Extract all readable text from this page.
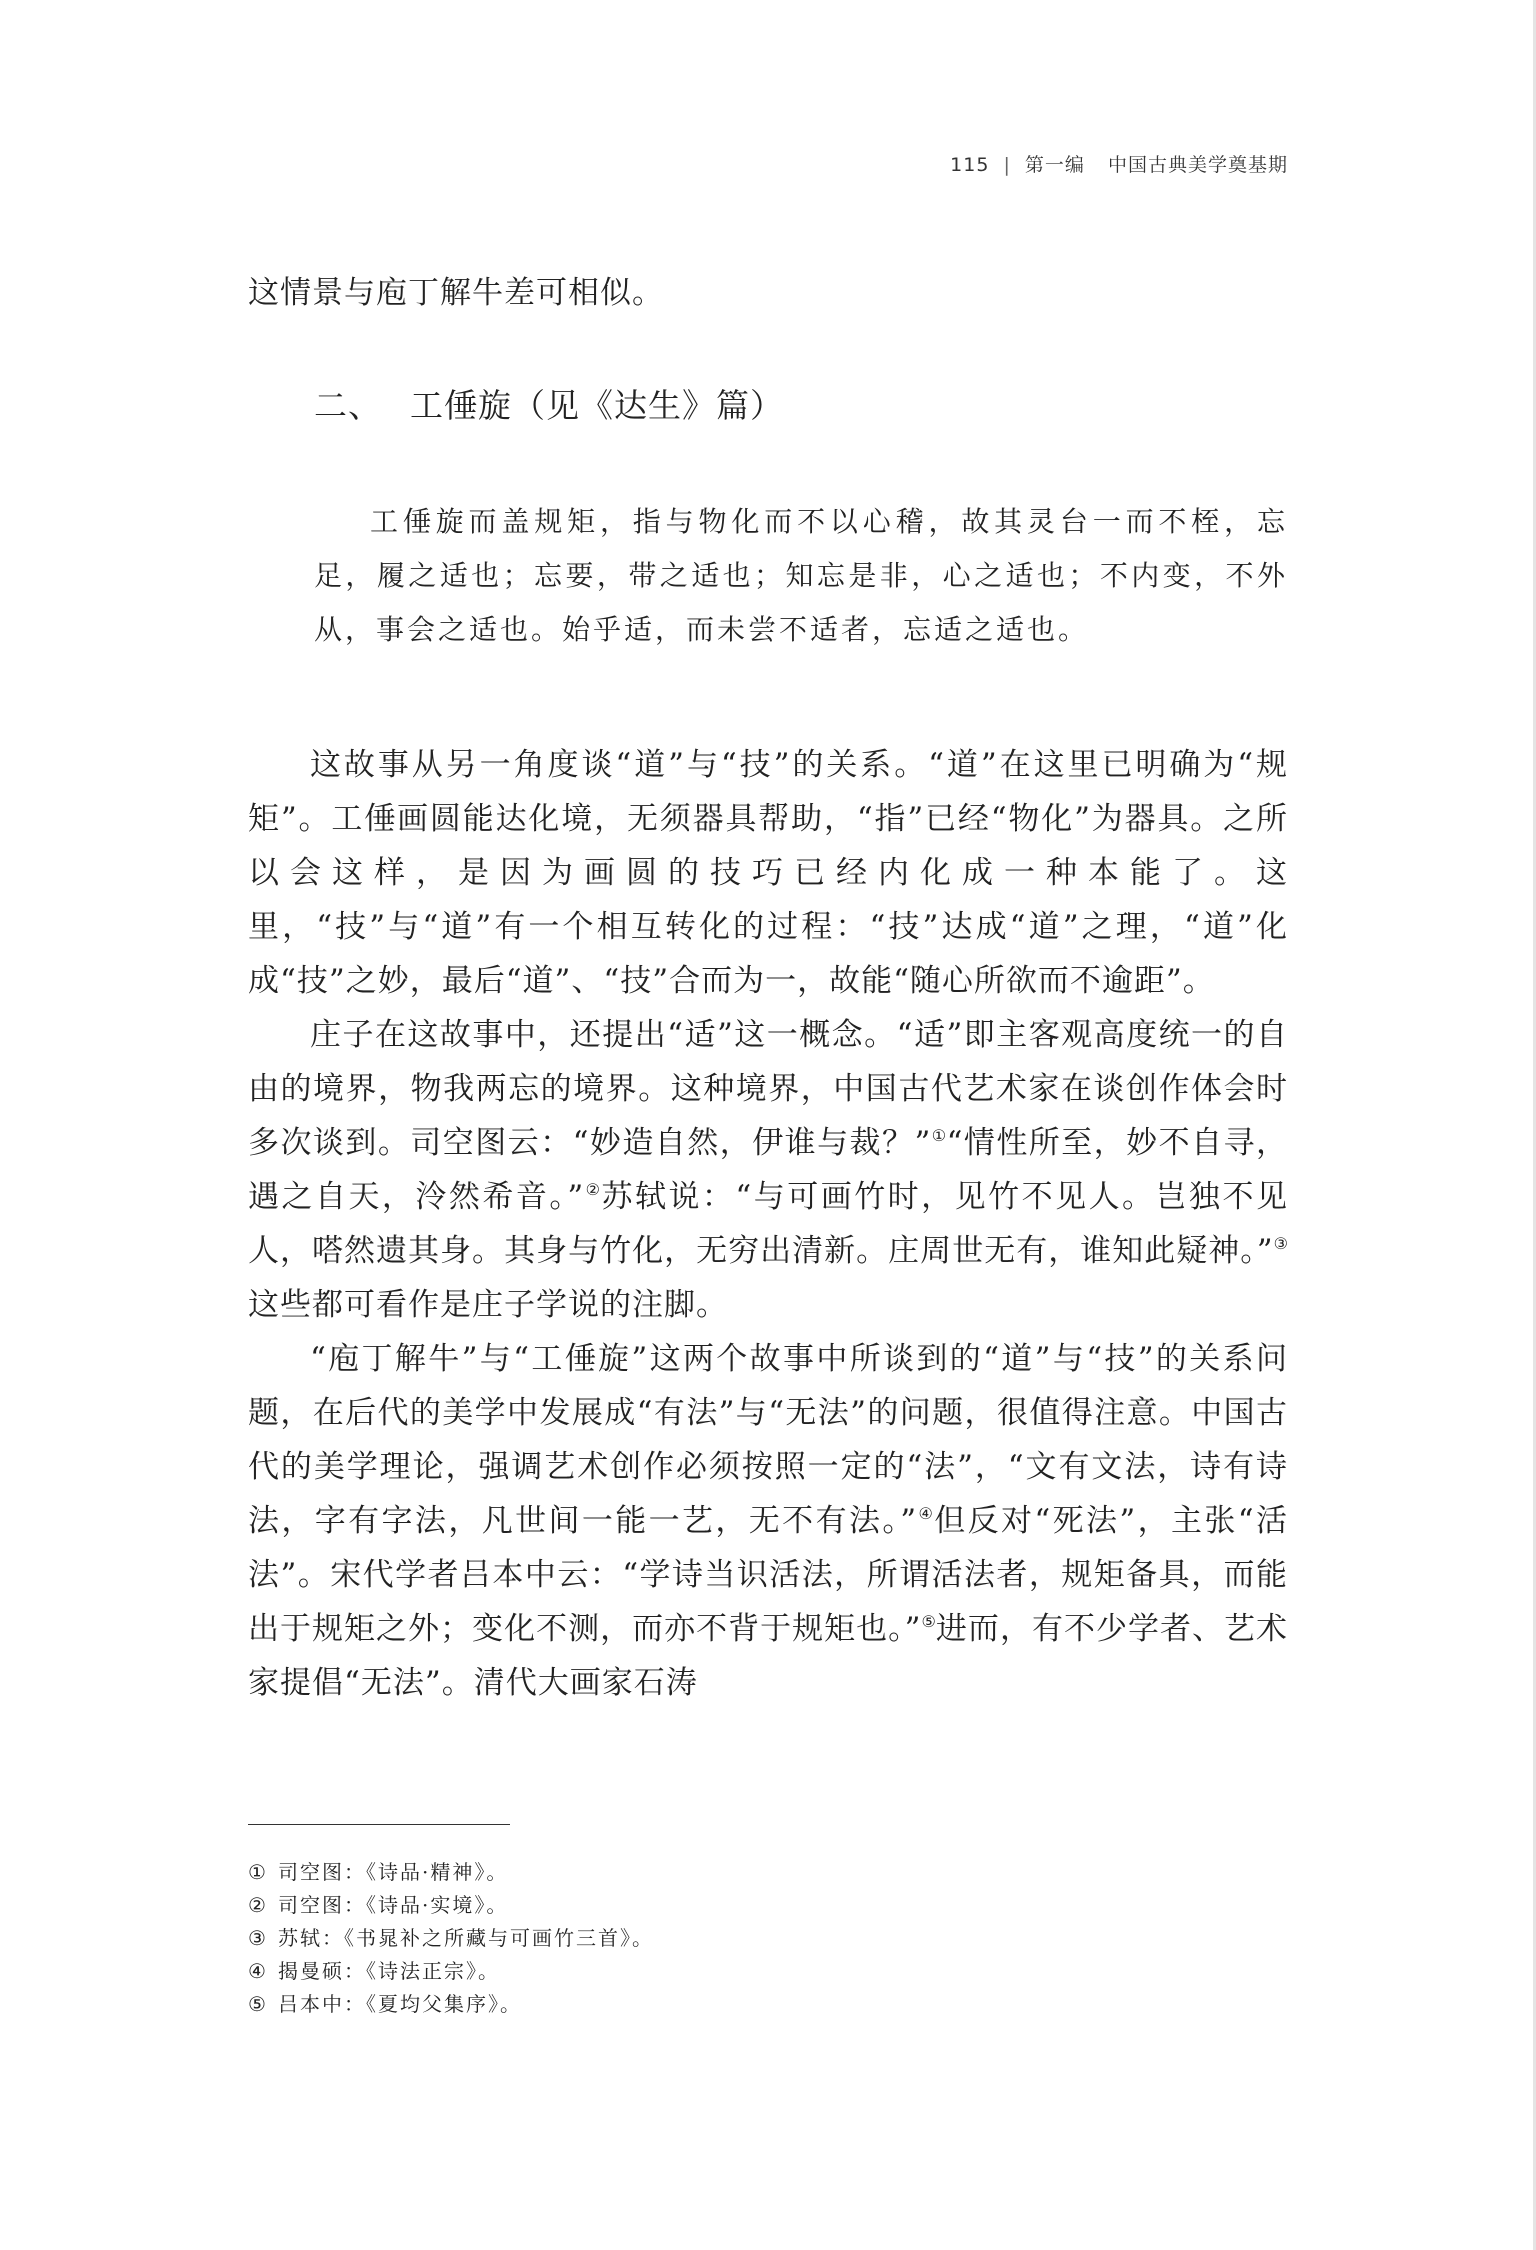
115 | 第一编 中国古典美学奠基期

这情景与庖丁解牛差可相似。

二、 工倕旋（见《达生》篇）

工倕旋而盖规矩，指与物化而不以心稽，故其灵台一而不桎，忘足，履之适也；忘要，带之适也；知忘是非，心之适也；不内变，不外从，事会之适也。始乎适，而未尝不适者，忘适之适也。

这故事从另一角度谈“道”与“技”的关系。“道”在这里已明确为“规矩”。工倕画圆能达化境，无须器具帮助，“指”已经“物化”为器具。之所以会这样，是因为画圆的技巧已经内化成一种本能了。这里，“技”与“道”有一个相互转化的过程：“技”达成“道”之理，“道”化成“技”之妙，最后“道”、“技”合而为一，故能“随心所欲而不逾距”。

庄子在这故事中，还提出“适”这一概念。“适”即主客观高度统一的自由的境界，物我两忘的境界。这种境界，中国古代艺术家在谈创作体会时多次谈到。司空图云：“妙造自然，伊谁与裁？”①“情性所至，妙不自寻，遇之自天，泠然希音。”②苏轼说：“与可画竹时，见竹不见人。岂独不见人，嗒然遗其身。其身与竹化，无穷出清新。庄周世无有，谁知此疑神。”③这些都可看作是庄子学说的注脚。

“庖丁解牛”与“工倕旋”这两个故事中所谈到的“道”与“技”的关系问题，在后代的美学中发展成“有法”与“无法”的问题，很值得注意。中国古代的美学理论，强调艺术创作必须按照一定的“法”，“文有文法，诗有诗法，字有字法，凡世间一能一艺，无不有法。”④但反对“死法”，主张“活法”。宋代学者吕本中云：“学诗当识活法，所谓活法者，规矩备具，而能出于规矩之外；变化不测，而亦不背于规矩也。”⑤进而，有不少学者、艺术家提倡“无法”。清代大画家石涛

① 司空图：《诗品·精神》。
② 司空图：《诗品·实境》。
③ 苏轼：《书晁补之所藏与可画竹三首》。
④ 揭曼硕：《诗法正宗》。
⑤ 吕本中：《夏均父集序》。
